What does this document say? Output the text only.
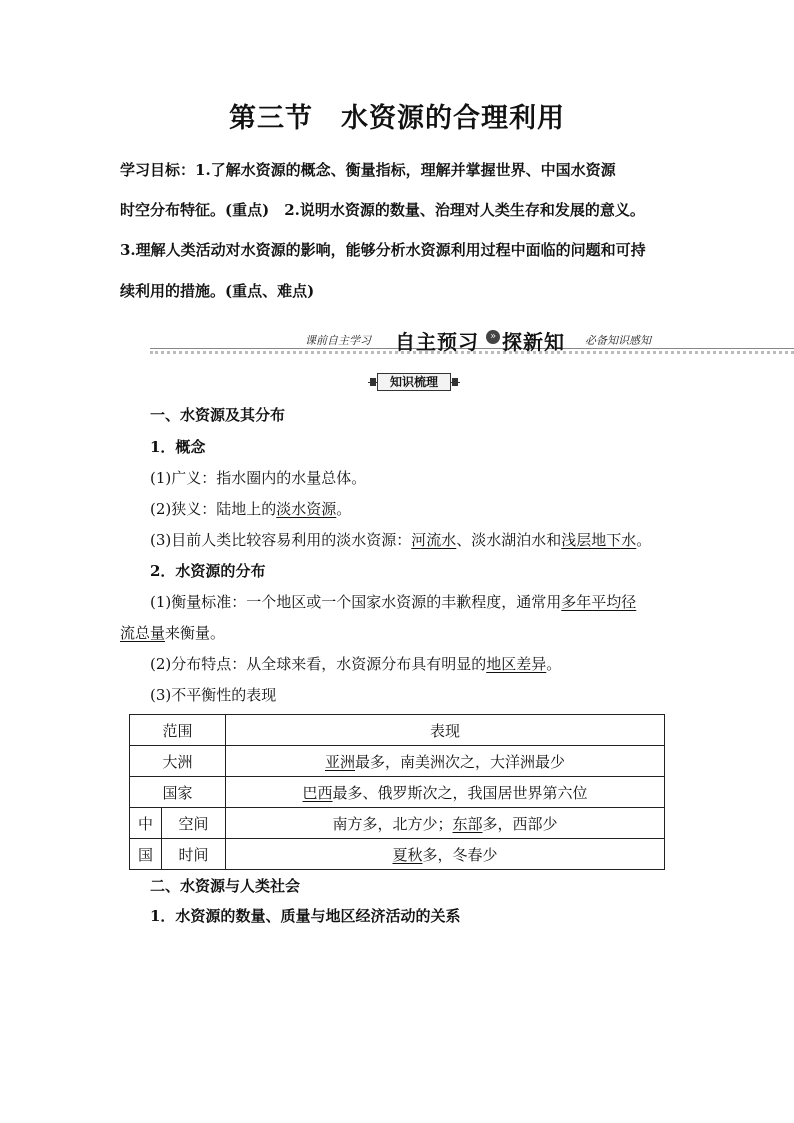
第三节 水资源的合理利用
学习目标：1.了解水资源的概念、衡量指标，理解并掌握世界、中国水资源
时空分布特征。(重点)　2.说明水资源的数量、治理对人类生存和发展的意义。
3.理解人类活动对水资源的影响，能够分析水资源利用过程中面临的问题和可持
续利用的措施。(重点、难点)
课前自主学习 自主预习	» 探新知 必备知识感知
知识梳理
一、水资源及其分布
1．概念
(1)广义：指水圈内的水量总体。
(2)狭义：陆地上的淡水资源。
(3)目前人类比较容易利用的淡水资源：河流水、淡水湖泊水和浅层地下水。
2．水资源的分布
(1)衡量标准：一个地区或一个国家水资源的丰歉程度，通常用多年平均径
流总量来衡量。
(2)分布特点：从全球来看，水资源分布具有明显的地区差异。
(3)不平衡性的表现
范围		表现
大洲		亚洲最多，南美洲次之，大洋洲最少
国家		巴西最多、俄罗斯次之，我国居世界第六位
中	空间	南方多，北方少；东部多，西部少
国	时间	夏秋多，冬春少
二、水资源与人类社会
1．水资源的数量、质量与地区经济活动的关系
